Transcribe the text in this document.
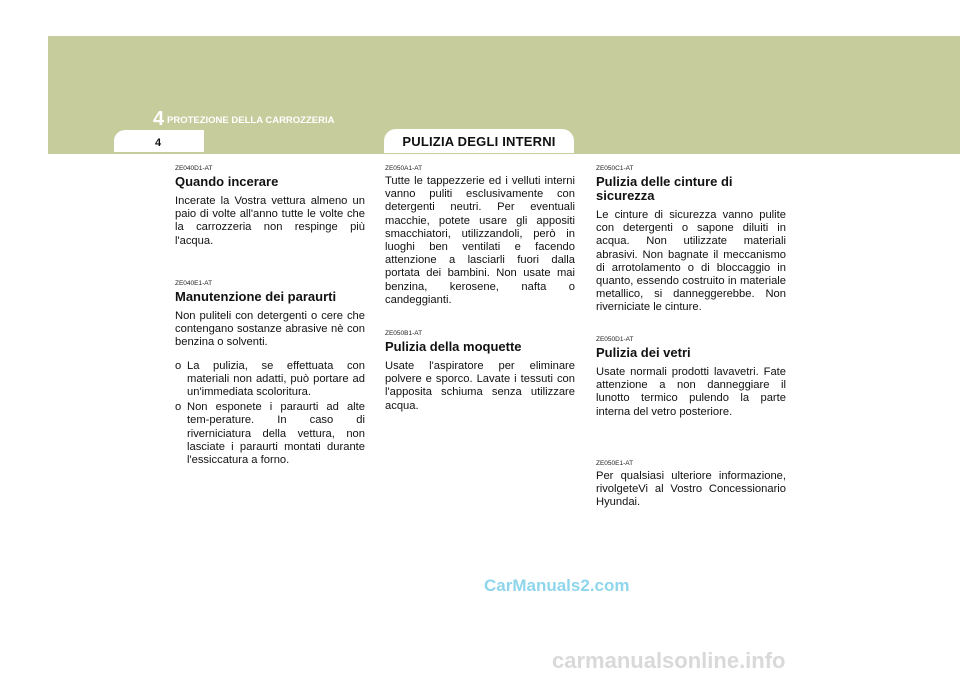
4 PROTEZIONE DELLA CARROZZERIA
4	PULIZIA DEGLI INTERNI

ZE040D1-AT

Quando incerare

Incerate la Vostra vettura almeno un paio di volte all'anno tutte le volte che la carrozzeria non respinge più l'acqua.

ZE040E1-AT

Manutenzione dei paraurti

Non puliteli con detergenti o cere che contengano sostanze abrasive nè con benzina o solventi.

o La pulizia, se effettuata con materiali non adatti, può portare ad un'immediata scoloritura.
o Non esponete i paraurti ad alte tem-perature. In caso di riverniciatura della vettura, non lasciate i paraurti montati durante l'essiccatura a forno.

ZE050A1-AT

Tutte le tappezzerie ed i velluti interni vanno puliti esclusivamente con detergenti neutri. Per eventuali macchie, potete usare gli appositi smacchiatori, utilizzandoli, però in luoghi ben ventilati e facendo attenzione a lasciarli fuori dalla portata dei bambini. Non usate mai benzina, kerosene, nafta o candeggianti.

ZE050B1-AT

Pulizia della moquette

Usate l'aspiratore per eliminare polvere e sporco. Lavate i tessuti con l'apposita schiuma senza utilizzare acqua.

ZE050C1-AT

Pulizia delle cinture di sicurezza

Le cinture di sicurezza vanno pulite con detergenti o sapone diluiti in acqua. Non utilizzate materiali abrasivi. Non bagnate il meccanismo di arrotolamento o di bloccaggio in quanto, essendo costruito in materiale metallico, si danneggerebbe. Non riverniciate le cinture.

ZE050D1-AT

Pulizia dei vetri

Usate normali prodotti lavavetri. Fate attenzione a non danneggiare il lunotto termico pulendo la parte interna del vetro posteriore.

ZE050E1-AT

Per qualsiasi ulteriore informazione, rivolgeteVi al Vostro Concessionario Hyundai.

CarManuals2.com
carmanualsonline.info
